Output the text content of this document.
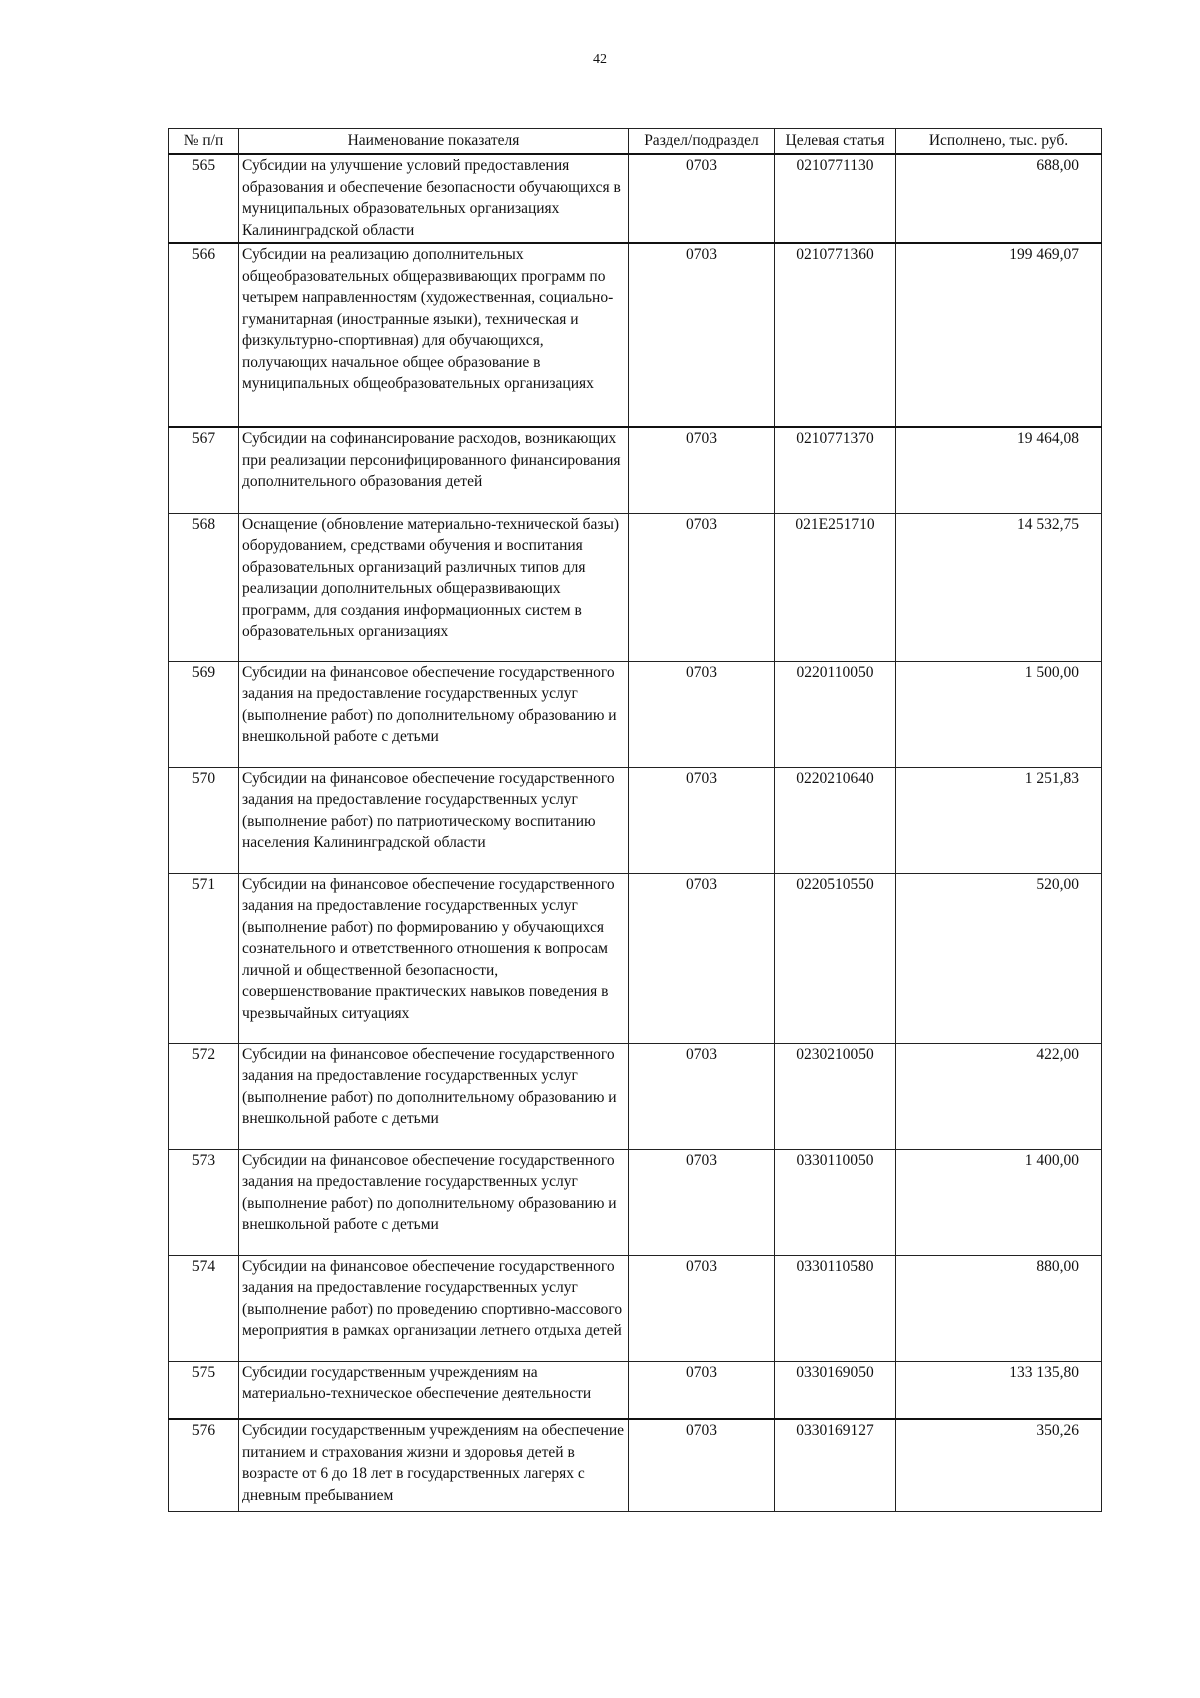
42
№ п/п	Наименование показателя	Раздел/подраздел	Целевая статья	Исполнено, тыс. руб.
565	Субсидии на улучшение условий предоставления образования и обеспечение безопасности обучающихся в муниципальных образовательных организациях Калининградской области	0703	0210771130	688,00
566	Субсидии на реализацию дополнительных общеобразовательных общеразвивающих программ по четырем направленностям (художественная, социально-гуманитарная (иностранные языки), техническая и физкультурно-спортивная) для обучающихся, получающих начальное общее образование в муниципальных общеобразовательных организациях	0703	0210771360	199 469,07
567	Субсидии на софинансирование расходов, возникающих при реализации персонифицированного финансирования дополнительного образования детей	0703	0210771370	19 464,08
568	Оснащение (обновление материально-технической базы) оборудованием, средствами обучения и воспитания образовательных организаций различных типов для реализации дополнительных общеразвивающих программ, для создания информационных систем в образовательных организациях	0703	021E251710	14 532,75
569	Субсидии на финансовое обеспечение государственного задания на предоставление государственных услуг (выполнение работ) по дополнительному образованию и внешкольной работе с детьми	0703	0220110050	1 500,00
570	Субсидии на финансовое обеспечение государственного задания на предоставление государственных услуг (выполнение работ) по патриотическому воспитанию населения Калининградской области	0703	0220210640	1 251,83
571	Субсидии на финансовое обеспечение государственного задания на предоставление государственных услуг (выполнение работ) по формированию у обучающихся сознательного и ответственного отношения к вопросам личной и общественной безопасности, совершенствование практических навыков поведения в чрезвычайных ситуациях	0703	0220510550	520,00
572	Субсидии на финансовое обеспечение государственного задания на предоставление государственных услуг (выполнение работ) по дополнительному образованию и внешкольной работе с детьми	0703	0230210050	422,00
573	Субсидии на финансовое обеспечение государственного задания на предоставление государственных услуг (выполнение работ) по дополнительному образованию и внешкольной работе с детьми	0703	0330110050	1 400,00
574	Субсидии на финансовое обеспечение государственного задания на предоставление государственных услуг (выполнение работ) по проведению спортивно-массового мероприятия в рамках организации летнего отдыха детей	0703	0330110580	880,00
575	Субсидии государственным учреждениям на материально-техническое обеспечение деятельности	0703	0330169050	133 135,80
576	Субсидии государственным учреждениям на обеспечение питанием и страхования жизни и здоровья детей в возрасте от 6 до 18 лет в государственных лагерях с дневным пребыванием	0703	0330169127	350,26
